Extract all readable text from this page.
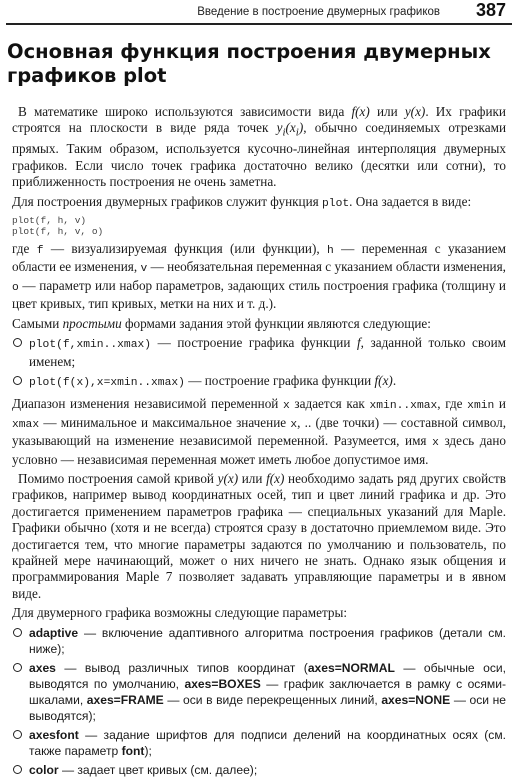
Введение в построение двумерных графиков 387
Основная функция построения двумерных графиков plot

В математике широко используются зависимости вида f(x) или y(x). Их графики строятся на плоскости в виде ряда точек $y_i(x_i)$, обычно соединяемых отрезками прямых. Таким образом, используется кусочно-линейная интерполяция двумерных графиков. Если число точек графика достаточно велико (десятки или сотни), то приближенность построения не очень заметна.

Для построения двумерных графиков служит функция plot. Она задается в виде:

plot(f, h, v)
plot(f, h, v, o)

где f — визуализируемая функция (или функции), h — переменная с указанием области ее изменения, v — необязательная переменная с указанием области изменения, o — параметр или набор параметров, задающих стиль построения графика (толщину и цвет кривых, тип кривых, метки на них и т. д.).

Самыми простыми формами задания этой функции являются следующие:

plot(f,xmin..xmax) — построение графика функции f, заданной только своим именем;
plot(f(x),x=xmin..xmax) — построение графика функции f(x).

Диапазон изменения независимой переменной x задается как xmin..xmax, где xmin и xmax — минимальное и максимальное значение x, .. (две точки) — составной символ, указывающий на изменение независимой переменной. Разумеется, имя x здесь дано условно — независимая переменная может иметь любое допустимое имя.

Помимо построения самой кривой y(x) или f(x) необходимо задать ряд других свойств графиков, например вывод координатных осей, тип и цвет линий графика и др. Это достигается применением параметров графика — специальных указаний для Maple. Графики обычно (хотя и не всегда) строятся сразу в достаточно приемлемом виде. Это достигается тем, что многие параметры задаются по умолчанию и пользователь, по крайней мере начинающий, может о них ничего не знать. Однако язык общения и программирования Maple 7 позволяет задавать управляющие параметры и в явном виде.

Для двумерного графика возможны следующие параметры:

adaptive — включение адаптивного алгоритма построения графиков (детали см. ниже);
axes — вывод различных типов координат (axes=NORMAL — обычные оси, выводятся по умолчанию, axes=BOXES — график заключается в рамку с осями-шкалами, axes=FRAME — оси в виде перекрещенных линий, axes=NONE — оси не выводятся);
axesfont — задание шрифтов для подписи делений на координатных осях (см. также параметр font);
color — задает цвет кривых (см. далее);
